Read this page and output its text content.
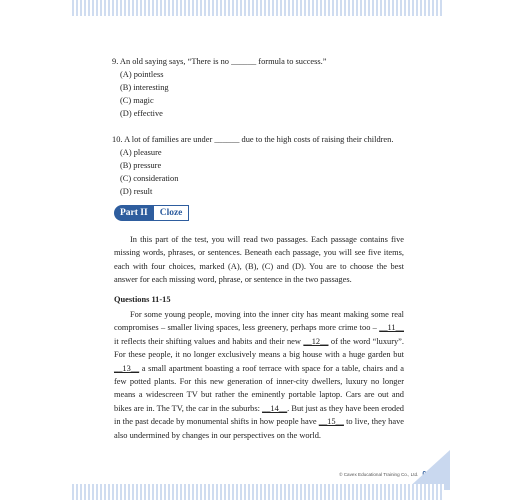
9. An old saying says, “There is no ______ formula to success.”

(A) pointless

(B) interesting

(C) magic

(D) effective

10. A lot of families are under ______ due to the high costs of raising their children.

(A) pleasure

(B) pressure

(C) consideration

(D) result

Part II	Cloze

In this part of the test, you will read two passages. Each passage contains five missing words, phrases, or sentences. Beneath each passage, you will see five items, each with four choices, marked (A), (B), (C) and (D). You are to choose the best answer for each missing word, phrase, or sentence in the two passages.

Questions 11-15

For some young people, moving into the inner city has meant making some real compromises – smaller living spaces, less greenery, perhaps more crime too – __11__ it reflects their shifting values and habits and their new __12__ of the word “luxury”. For these people, it no longer exclusively means a big house with a huge garden but __13__ a small apartment boasting a roof terrace with space for a table, chairs and a few potted plants. For this new generation of inner-city dwellers, luxury no longer means a widescreen TV but rather the eminently portable laptop. Cars are out and bikes are in. The TV, the car in the suburbs: __14__. But just as they have been eroded in the past decade by monumental shifts in how people have __15__ to live, they have also undermined by changes in our perspectives on the world.

© Cavex Educational Training Co., Ltd. 025
